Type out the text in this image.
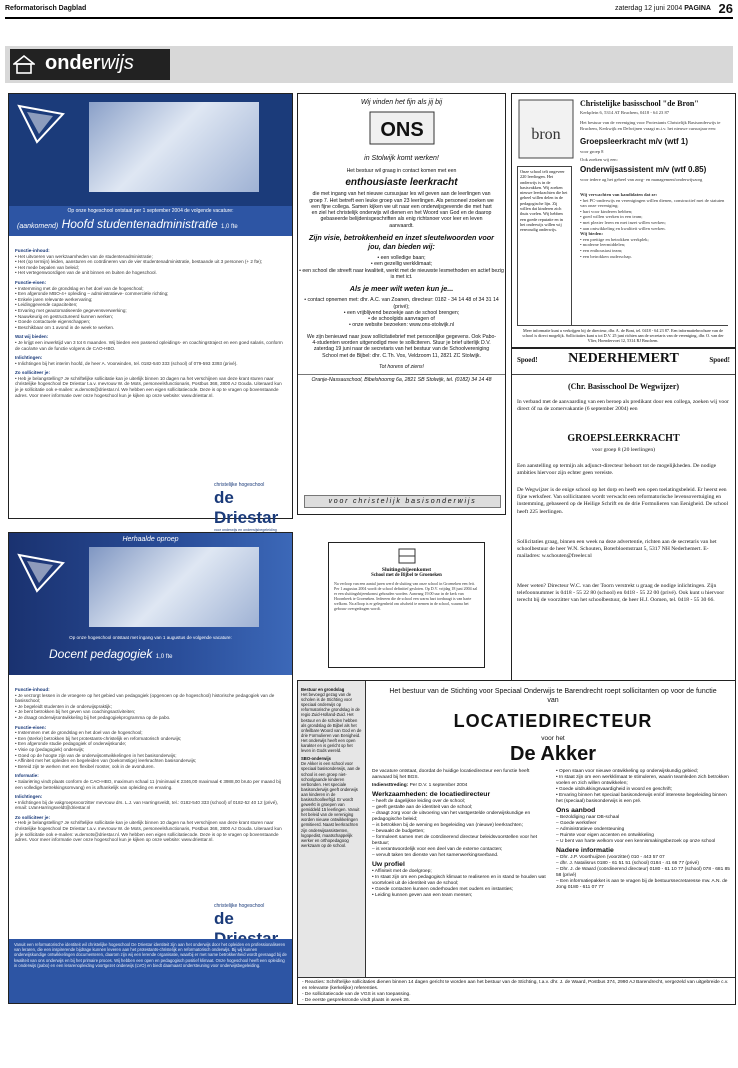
Reformatorisch Dagblad	zaterdag 12 juni 2004 PAGINA 26
onderwijs
Op onze hogeschool ontstaat per 1 september 2004 de volgende vacature:
(aankomend) Hoofd studentenadministratie 1,0 fte
Functie-inhoud:
• Het uitvoeren van werkzaamheden van de studentenadministratie;
• Het (op termijn) leiden, aansturen en coördineren van de vier studentenadministratie, bestaande uit 3 personen (+ 2 fte);
• Het mede bepalen van beleid;
• Het vertegenwoordigen van de unit binnen en buiten de hogeschool.
Functie-eisen:
• Instemming met de grondslag en het doel van de hogeschool;
• Een afgeronde MBO-4+ opleiding – administratieve- commerciële richting;
• Enkele jaren relevante werkervaring;
• Leidinggevende capaciteiten;
• Ervaring met geautomatiseerde gegevensverwerking;
• Nauwkeurig en gestructureerd kunnen werken;
• Goede contactuele eigenschappen;
• Beschikbaar om 1 avond in de week te werken.
Wat wij bieden:
• Je krijgt een inwerktijd van 3 tot 6 maanden. Wij bieden een passend opleidings- en coachingstraject en een goed salaris, conform de cao/arte van de functie volgens de CAO-HBO.
Inlichtingen:
• Inlichtingen bij het interim hoofd, de heer A. Voorwinden, tel. 0182-540 333 (school) of 079-593 3393 (privé).
Zo solliciteer je:
• Heb je belangstelling? Je schriftelijke sollicitatie kan je uiterlijk binnen 10 dagen na het verschijnen van deze krant sturen naar christelijke hogeschool De Driestar t.a.v. mevrouw W. de Mots, personeelsfunctionaris, Postbus 368, 2800 AJ Gouda. Uiteraard kun je je sollicitatie ook e-mailen: w.demots@driestar.nl. We hebben een eigen sollicitatiecode. Deze is op te vragen op bovenstaande adres. Voor meer informatie over onze hogeschool kun je kijken op onze website: www.driestar.nl.
christelijke hogeschool
de Driestar
voor onderwijs en onderwijsbegeleiding
Wij vinden het fijn als jij bij
ONS
in Stolwijk komt werken!
Het bestuur wil graag in contact komen met een
enthousiaste leerkracht
die met ingang van het nieuwe cursusjaar les wil geven aan de leerlingen van groep 7. Het betreft een leuke groep van 23 leerlingen. Als personeel zoeken we een fijne collega. Samen kijken we uit naar een onderwijsgevende die met hart en ziel het christelijk onderwijs wil dienen en het Woord van God en de daarop gebaseerde belijdenisgeschriften als enig richtsnoer voor leer en leven aanvaardt.
Zijn visie, betrokkenheid en inzet sleutelwoorden voor jou, dan bieden wij:
• een volledige baan;
• een gezellig werkklimaat;
• een school die streeft naar kwaliteit, werkt met de nieuwste lesmethoden en actief bezig is met ict.
Als je meer wilt weten kun je...
• contact opnemen met: dhr. A.C. van Zoanen, directeur: 0182 - 34 14 48 of 34 31 14 (privé);
• een vrijblijvend bezoekje aan de school brengen;
• de schoolgids aanvragen of
• onze website bezoeken: www.ons-stolwijk.nl
We zijn benieuwd naar jouw sollicitatiebrief met persoonlijke gegevens. Ook Pabo-4-studenten worden uitgenodigd mee te solliciteren. Stuur je brief uiterlijk D.V. zaterdag 19 juni naar de secretaris van het bestuur van de Schoolvereniging School met de Bijbel: dhr. C.Th. Vos, Veldzoom 11, 2821 ZC Stolwijk.
Tot horens of ziens!
Oranje-Nassauschool, Bibelshoorng 6a, 2821 SB Stolwijk, tel. (0182) 34 14 48
voor christelijk basisonderwijs
bron
Christelijke basisschool "de Bron"
Kerkplein 6, 5314 AT Bruchem, 0418 - 64 23 87
Het bestuur van de vereniging voor Protestants Christelijk Basisonderwijs te Bruchem, Kerkwijk en Delwijnen vraagt m.i.v. het nieuwe cursusjaar een:
Groepsleerkracht m/v (wtf 1)
voor groep 8
Ook zoeken wij een:
Onderwijsassistent m/v (wtf 0.85)
voor iedere ag het geheel van zorg- en management/onderwijszorg
Wij verwachten van kandidaten dat ze:
• het PC-onderwijs en verenigingen willen dienen, constructief met de statuten van onze vereniging;
• hart voor kinderen hebben;
• goed willen werken in een team;
• met plezier leren en met inzet willen werken;
• aan ontwikkeling en kwaliteit willen werken.
Wij bieden:
• een prettige en betrokken werkplek;
• moderne leermiddelen;
• een enthousiast team;
• een betrokken ouderschap.
Onze school telt ongeveer 220 leerlingen. Het onderwijs is in de basisvakken. Wij zoeken nieuwe leerkrachten die het geheel willen delen in de pedagogische lijn. Zij willen dat kinderen zich thuis voelen. Wij hebben een goede reputatie en in het onderwijs willen wij eenvoudig onderwijs.
Meer informatie kunt u verkrijgen bij de directeur, dhr. A. de Bont, tel. 0418 - 64 23 87. Een informatiebrochure van de school is direct mogelijk. Sollicitaties kunt u tot D.V. 25 juni richten aan de secretaris van de vereniging, dhr. O. van der Vlier, Hoendervoet 12, 5314 RJ Bruchem.
Spoed!	NEDERHEMERT	Spoed!
(Chr. Basisschool De Wegwijzer)
In verband met de aanvaarding van een beroep als predikant door een collega, zoeken wij voor direct óf na de zomervakantie (6 september 2004) een
GROEPSLEERKRACHT
voor groep 8 (20 leerlingen)
Een aanstelling op termijn als adjunct-directeur behoort tot de mogelijkheden. De nodige ambities hiervoor zijn echter geen vereiste.
De Wegwijzer is de enige school op het dorp en heeft een open toelatingsbeleid. Er heerst een fijne werksfeer. Van sollicitanten wordt verwacht een reformatorische levensovertuiging en instemming, gebaseerd op de Heilige Schrift en de drie Formulieren van Eenigheid. De school heeft 225 leerlingen.
Sollicitaties graag, binnen een week na deze advertentie, richten aan de secretaris van het schoolbestuur de heer W.N. Schouten, Boterbloemstraat 5, 5317 NH Nederhemert. E-mailadres: w.schouten@freeler.nl
Meer weten? Directeur W.C. van der Toorn verstrekt u graag de nodige inlichtingen. Zijn telefoonnummer is 0418 - 55 22 80 (school) en 0418 - 55 22 00 (privé). Ook kunt u hiervoor terecht bij de voorzitter van het schoolbestuur, de heer H.J. Oomen, tel. 0418 - 55 30 66.
Herhaalde oproep
Op onze hogeschool ontstaat met ingang van 1 augustus de volgende vacature:
Docent pedagogiek 1,0 fte
Functie-inhoud:
• Je verzorgt lessen in de vroegere op het gebied van pedagogiek (opgenoen op de hogeschool) historische pedagogiek van de basisschool;
• Je begeleidt studenten in de onderwijspraktijk;
• Je bent betrokken bij het geven van coachingsactiviteiten;
• Je draagt onderwijsontwikkeling bij het pedagogiekprogramma op de pabo.
Functie-eisen:
• Instemmen met de grondslag en het doel van de hogeschool;
• Een (sterke) betrokken bij het protestants-christelijk en reformatorisch onderwijs;
• Een afgeronde studie pedagogiek of onderwijskunde;
• Visie op (pedagogiek) onderwijs;
• Goed op de hoogte zijn van de onderwijsontwikkelingen in het basisonderwijs;
• Affiniteit met het opleiden en begeleiden van (toekomstige) leerkrachten basisonderwijs;
• Bereid zijn te werken met een flexibel rooster, ook in de avonduren.
Informatie:
• Salariëring vindt plaats conform de CAO-HBO, maximum schaal 11 (minimaal € 2346,00 maximaal € 3988,00 bruto per maand bij een volledige betrekkingsomvang) en is afhankelijk van opleiding en ervaring.
Inlichtingen:
• Inlichtingen bij de vakgroepsvoorzitter mevrouw drs. L.J. van Harringsveldt, tel.: 0182-540 333 (school) of 0182-52 40 12 (privé), email: LVanHarringsveldt@driestar.nl
Zo solliciteer je:
• Heb je belangstelling? Je schriftelijke sollicitatie kan je uiterlijk binnen 10 dagen na het verschijnen van deze krant sturen naar christelijke hogeschool De Driestar t.a.v. mevrouw W. de Mots, personeelsfunctionaris, Postbus 368, 2800 AJ Gouda. Uiteraard kun je je sollicitatie ook e-mailen: w.demots@driestar.nl. We hebben een eigen sollicitatiecode. Deze is op te vragen op bovenstaande adres. Voor meer informatie over onze hogeschool kun je kijken op onze website: www.driestar.nl.
christelijke hogeschool
de
Vanuit een reformatorische identiteit wil christelijke hogeschool De Driestar identiteit zijn aan het onderwijs door het opleiden en professionaliseren van leraren, die een inspirerende bijdrage kunnen leveren aan het protestants-christelijk en reformatorisch onderwijs. Bij wij kunnen onderwijskundige ontwikkelingen documenteren, daarom zijn wij een lerende organisatie, waarbij er met name betrokkenheid wordt gevraagd bij de kwaliteit van ons onderwijs en bij het primaire proces. Wij hebben een open en pedagogisch positief klimaat. Onze hogeschool heeft een opleiding in onderwijs (pabo) en een lerarenopleiding voortgezet onderwijs (LVO) en biedt daarnaast ondersteuning voor onderwijsbegeleiding.
Sluitingsbijeenkomst
School met de Bijbel te Groeneken
Na verloop van een aantal jaren werd de sluiting van onze school in Groeneken een feit. Per 1 augustus 2004 wordt de school definitief gesloten. Op D.V. vrijdag 18 juni 2004 zal er een sluitingsbijeenkomst gehouden worden. Aanvang 19.00 uur in de kerk van Hoornbeek te Groeneken. Iedereen die de school een warm hart toedraagt is van harte welkom. Na afloop is er gelegenheid om afscheid te nemen in de school, waarna het gebouw overgedragen wordt.
Bestuur en grondslag
Het bevoegd gezag van de scholen is de Stichting voor speciaal onderwijs op reformatorische grondslag in de regio Zuid-Holland-Zuid. Het bestuur en de scholen hebben als grondslag de Bijbel als het onfeilbare Woord van God en de drie Formulieren van Eenigheid. Het onderwijs heeft een open karakter en is gericht op het leven in Gods wereld.
SBO-onderwijs
De Akker is een school voor speciaal basisonderwijs, aan de school is een groep niet-schoolgaande kinderen verbonden. Het speciale basisonderwijs geeft onderwijs aan kinderen in de basisschoolleeftijd. Er wordt gewerkt in groepen van gemiddeld 15 leerlingen. Vanuit het beleid van de vereniging worden nieuwe ontwikkelingen geïnitieerd. Naast leerkrachten zijn onderwijsassistenten, logopedist, maatschappelijk werker en orthopedagoog werkzaam op de school.
Het bestuur van de Stichting voor Speciaal Onderwijs te Barendrecht roept sollicitanten op voor de functie van
LOCATIEDIRECTEUR
voor het
De Akker
De vacature ontstaat, doordat de huidige locatiedirecteur een functie heeft aanvaard bij het BGS.
Indiensttreding: Per D.V. 1 september 2004
Werkzaamheden: de locatiedirecteur
– heeft de dagelijkse leiding over de school;
– geeft gestalte aan de identiteit van de school;
– draagt zorg voor de uitvoering van het vastgestelde onderwijskundige en pedagogische beleid;
– is betrokken bij de werving en begeleiding van (nieuwe) leerkrachten;
– bewaakt de budgetten;
– formuleert samen met de coördinerend directeur beleidsvoorstellen voor het bestuur;
– is verantwoordelijk voor een deel van de externe contacten;
– vervult taken ten dienste van het samenwerkingsverband.
Uw profiel
• Affiniteit met de doelgroep;
• In staat zijn om een pedagogisch klimaat te realiseren en in stand te houden wat voortvloeit uit de identiteit van de school;
• Goede contacten kunnen onderhouden met ouders en instanties;
• Leiding kunnen geven aan een team mensen;
• Open staan voor nieuwe ontwikkeling op onderwijskundig gebied;
• In staat zijn om een werkklimaat te stimuleren, waarin teamleden zich betrokken voelen en zich willen ontwikkelen;
• Goede uitdrukkingsvaardigheid in woord en geschrift;
• Ervaring binnen het speciaal basisonderwijs en/of interesse begeleiding binnen het (speciaal) basisonderwijs is een pré.
Ons aanbod
– Bezoldiging naar DB-schaal
– Goede werksfeer
– Administratieve ondersteuning
– Ruimte voor eigen accenten en ontwikkeling
– U bent van harte welkom voor een kennismakingsbezoek op onze school
Nadere informatie
– Dhr. J.P. Voorthuijzen (voorzitter) 010 - 443 57 07
– dhr. J. Natalisrus 0180 - 61 51 51 (school) 0184 - 41 66 77 (privé)
– Dhr. J. de Waard (coördinerend directeur) 0180 - 61 10 77 (school) 078 - 681 85 58 (privé)
– Een informatiepakket is aan te vragen bij de bestuurssecretaresse mw. A.N. de Jong 0180 - 611 07 77
- Reacties: Schriftelijke sollicitaties dienen binnen 14 dagen gericht te worden aan het bestuur van de Stichting, t.a.v. dhr. J. de Waard, Postbus 374, 2990 AJ Barendrecht, vergezeld van uitgebreide c.v. en relevante (kerkelijke) referenties.
- De sollicitatiecode van de VGS is van toepassing.
- De eerste gespreksronde vindt plaats in week 26.
